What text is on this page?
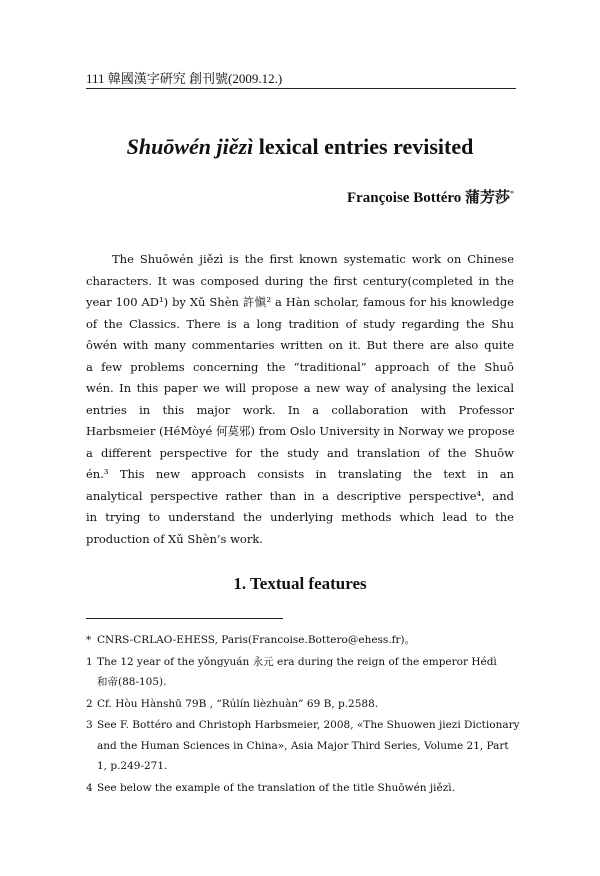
111 韓國漢字硏究 創刊號(2009.12.)
Shuōwén jiězì lexical entries revisited
Françoise Bottéro 蒲芳莎*
The Shuōwén jiězì is the first known systematic work on Chinese
characters. It was composed during the first century(completed in the
year 100 AD¹) by Xǔ Shèn 許愼² a Hàn scholar, famous for his knowledge
of the Classics. There is a long tradition of study regarding the Shu
ōwén with many commentaries written on it. But there are also quite
a few problems concerning the “traditional” approach of the Shuō
wén. In this paper we will propose a new way of analysing the lexical
entries in this major work. In a collaboration with Professor
Harbsmeier (HéMòyé 何莫邪) from Oslo University in Norway we propose
a different perspective for the study and translation of the Shuōw
én.³ This new approach consists in translating the text in an
analytical perspective rather than in a descriptive perspective⁴, and
in trying to understand the underlying methods which lead to the
production of Xǔ Shèn’s work.
1. Textual features
* CNRS-CRLAO-EHESS, Paris(Francoise.Bottero@ehess.fr)。
1 The 12 year of the yǒngyuán 永元 era during the reign of the emperor Hédì
和帝(88-105).
2 Cf. Hòu Hànshū 79B , “Rúlín lièzhuàn” 69 B, p.2588.
3 See F. Bottéro and Christoph Harbsmeier, 2008, «The Shuowen jiezi Dictionary
and the Human Sciences in China», Asia Major Third Series, Volume 21, Part
1, p.249-271.
4 See below the example of the translation of the title Shuōwén jiězì.
